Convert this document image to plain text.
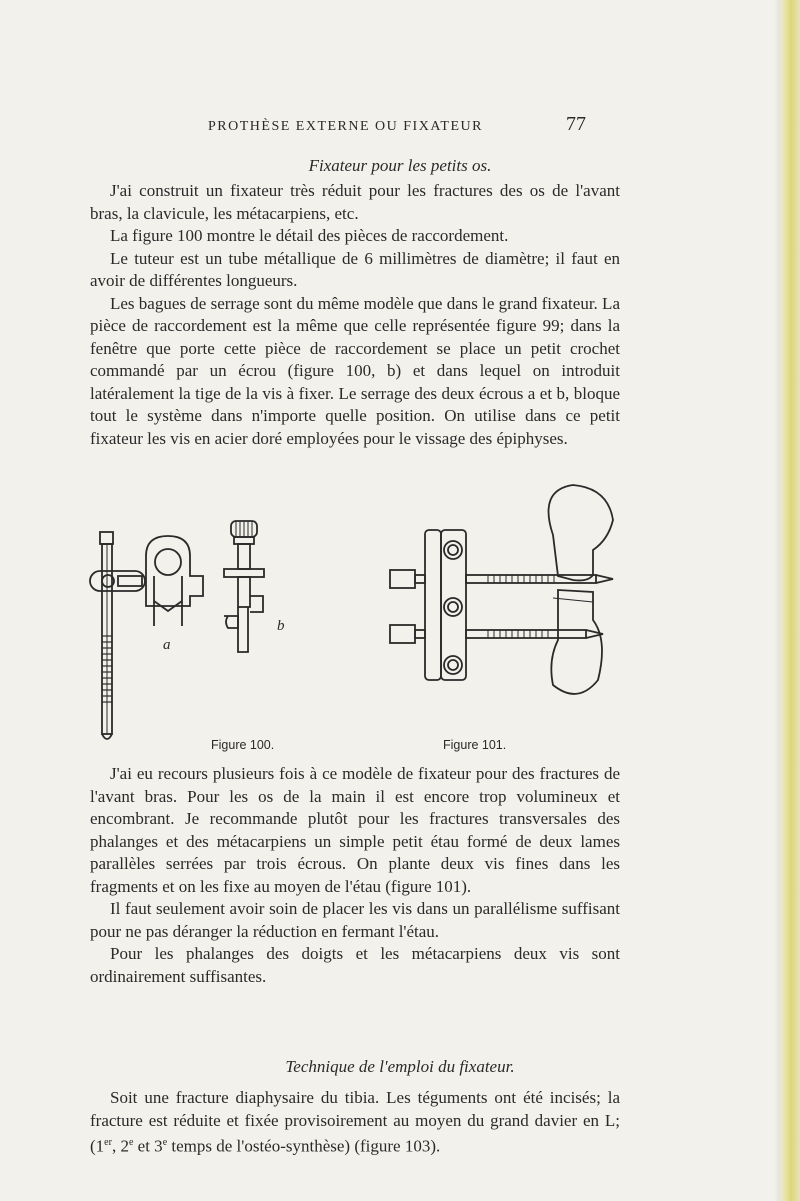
PROTHÈSE EXTERNE OU FIXATEUR	77
Fixateur pour les petits os.

J'ai construit un fixateur très réduit pour les fractures des os de l'avant bras, la clavicule, les métacarpiens, etc.

La figure 100 montre le détail des pièces de raccordement.

Le tuteur est un tube métallique de 6 millimètres de diamètre; il faut en avoir de différentes longueurs.

Les bagues de serrage sont du même modèle que dans le grand fixateur. La pièce de raccordement est la même que celle représentée figure 99; dans la fenêtre que porte cette pièce de raccordement se place un petit crochet commandé par un écrou (figure 100, b) et dans lequel on introduit latéralement la tige de la vis à fixer. Le serrage des deux écrous a et b, bloque tout le système dans n'importe quelle position. On utilise dans ce petit fixateur les vis en acier doré employées pour le vissage des épiphyses.

a
b
Figure 100.	Figure 101.

J'ai eu recours plusieurs fois à ce modèle de fixateur pour des fractures de l'avant bras. Pour les os de la main il est encore trop volumineux et encombrant. Je recommande plutôt pour les fractures transversales des phalanges et des métacarpiens un simple petit étau formé de deux lames parallèles serrées par trois écrous. On plante deux vis fines dans les fragments et on les fixe au moyen de l'étau (figure 101).

Il faut seulement avoir soin de placer les vis dans un parallélisme suffisant pour ne pas déranger la réduction en fermant l'étau.

Pour les phalanges des doigts et les métacarpiens deux vis sont ordinairement suffisantes.

Technique de l'emploi du fixateur.

Soit une fracture diaphysaire du tibia. Les téguments ont été incisés; la fracture est réduite et fixée provisoirement au moyen du grand davier en L; (1er, 2e et 3e temps de l'ostéo-synthèse) (figure 103).
